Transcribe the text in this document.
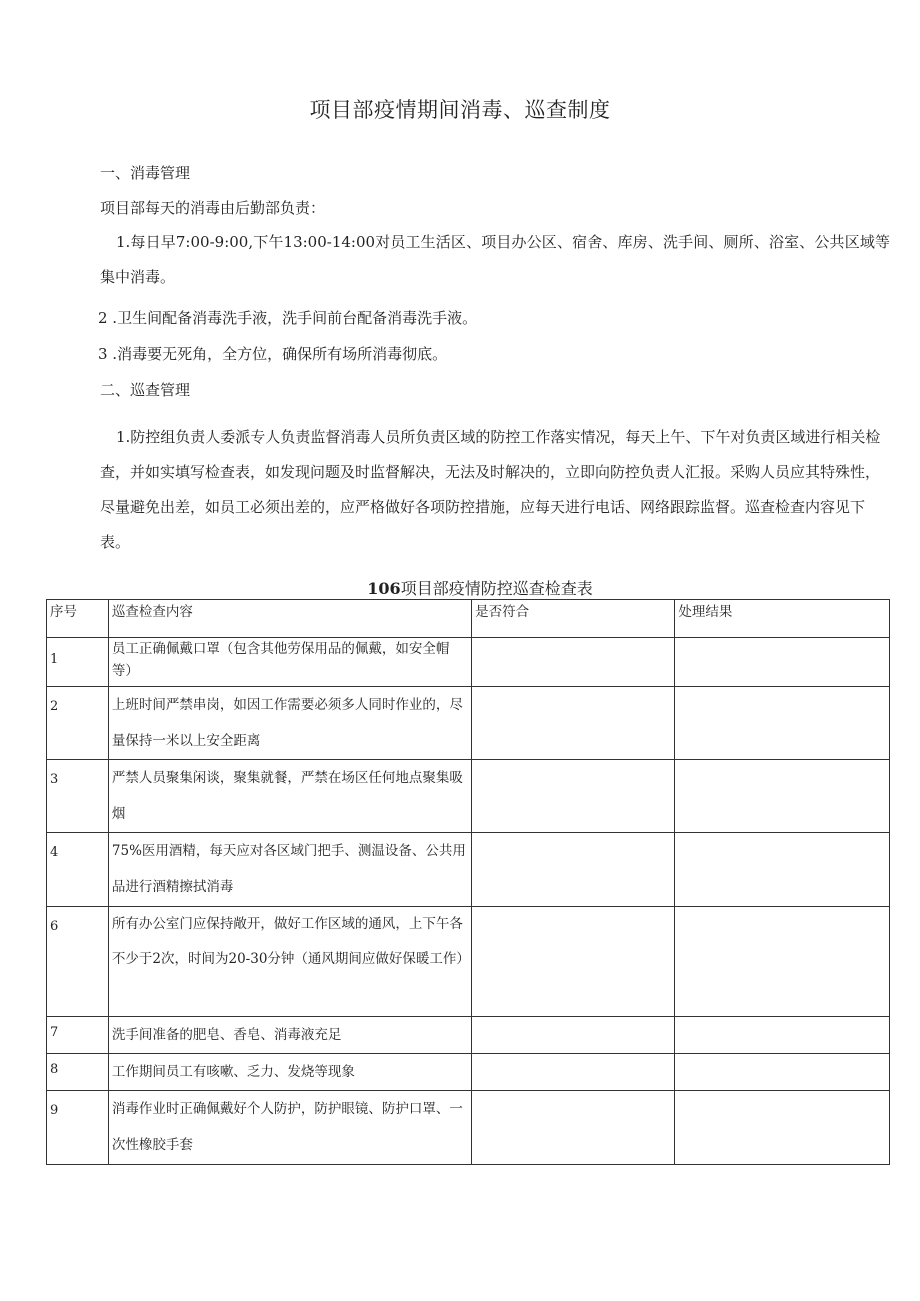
项目部疫情期间消毒、巡查制度
一、消毒管理
项目部每天的消毒由后勤部负责：
1.每日早7:00-9:00,下午13:00-14:00对员工生活区、项目办公区、宿舍、库房、洗手间、厕所、浴室、公共区域等集中消毒。
2 .卫生间配备消毒洗手液，洗手间前台配备消毒洗手液。
3 .消毒要无死角，全方位，确保所有场所消毒彻底。
二、巡查管理
1.防控组负责人委派专人负责监督消毒人员所负责区域的防控工作落实情况，每天上午、下午对负责区域进行相关检查，并如实填写检查表，如发现问题及时监督解决，无法及时解决的，立即向防控负责人汇报。采购人员应其特殊性，尽量避免出差，如员工必须出差的，应严格做好各项防控措施，应每天进行电话、网络跟踪监督。巡查检查内容见下表。
106项目部疫情防控巡查检查表
序号	巡查检查内容	是否符合	处理结果

1	员工正确佩戴口罩（包含其他劳保用品的佩戴，如安全帽等）		

2	上班时间严禁串岗，如因工作需要必须多人同时作业的，尽量保持一米以上安全距离		

3	严禁人员聚集闲谈，聚集就餐，严禁在场区任何地点聚集吸烟		

4	75%医用酒精，每天应对各区域门把手、测温设备、公共用品进行酒精擦拭消毒		

6	所有办公室门应保持敞开，做好工作区域的通风，上下午各不少于2次，时间为20-30分钟（通风期间应做好保暖工作）		

7	洗手间准备的肥皂、香皂、消毒液充足		

8	工作期间员工有咳嗽、乏力、发烧等现象		

9	消毒作业时正确佩戴好个人防护，防护眼镜、防护口罩、一次性橡胶手套		
